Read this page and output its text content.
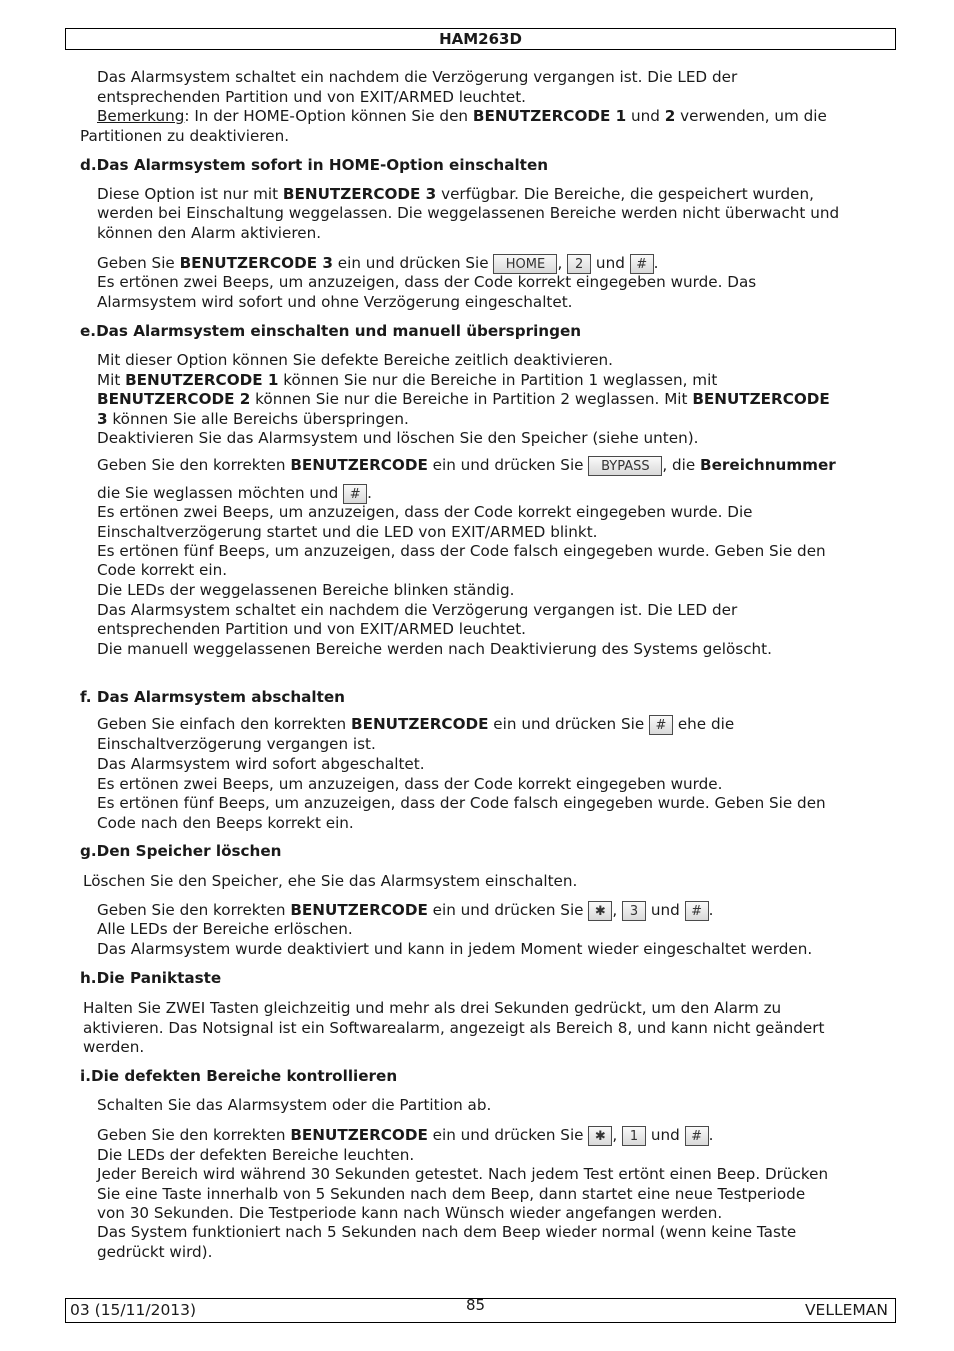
HAM263D
Das Alarmsystem schaltet ein nachdem die Verzögerung vergangen ist. Die LED der
entsprechenden Partition und von EXIT/ARMED leuchtet.
Bemerkung: In der HOME-Option können Sie den BENUTZERCODE 1 und 2 verwenden, um die
Partitionen zu deaktivieren.
d.Das Alarmsystem sofort in HOME-Option einschalten
Diese Option ist nur mit BENUTZERCODE 3 verfügbar. Die Bereiche, die gespeichert wurden,
werden bei Einschaltung weggelassen. Die weggelassenen Bereiche werden nicht überwacht und
können den Alarm aktivieren.
Geben Sie BENUTZERCODE 3 ein und drücken Sie HOME , 2 und # .
Es ertönen zwei Beeps, um anzuzeigen, dass der Code korrekt eingegeben wurde. Das
Alarmsystem wird sofort und ohne Verzögerung eingeschaltet.
e.Das Alarmsystem einschalten und manuell überspringen
Mit dieser Option können Sie defekte Bereiche zeitlich deaktivieren.
Mit BENUTZERCODE 1 können Sie nur die Bereiche in Partition 1 weglassen, mit
BENUTZERCODE 2 können Sie nur die Bereiche in Partition 2 weglassen. Mit BENUTZERCODE
3 können Sie alle Bereichs überspringen.
Deaktivieren Sie das Alarmsystem und löschen Sie den Speicher (siehe unten).
Geben Sie den korrekten BENUTZERCODE ein und drücken Sie BYPASS , die Bereichnummer
die Sie weglassen möchten und # .
Es ertönen zwei Beeps, um anzuzeigen, dass der Code korrekt eingegeben wurde. Die
Einschaltverzögerung startet und die LED von EXIT/ARMED blinkt.
Es ertönen fünf Beeps, um anzuzeigen, dass der Code falsch eingegeben wurde. Geben Sie den
Code korrekt ein.
Die LEDs der weggelassenen Bereiche blinken ständig.
Das Alarmsystem schaltet ein nachdem die Verzögerung vergangen ist. Die LED der
entsprechenden Partition und von EXIT/ARMED leuchtet.
Die manuell weggelassenen Bereiche werden nach Deaktivierung des Systems gelöscht.
f. Das Alarmsystem abschalten
Geben Sie einfach den korrekten BENUTZERCODE ein und drücken Sie # ehe die
Einschaltverzögerung vergangen ist.
Das Alarmsystem wird sofort abgeschaltet.
Es ertönen zwei Beeps, um anzuzeigen, dass der Code korrekt eingegeben wurde.
Es ertönen fünf Beeps, um anzuzeigen, dass der Code falsch eingegeben wurde. Geben Sie den
Code nach den Beeps korrekt ein.
g.Den Speicher löschen
Löschen Sie den Speicher, ehe Sie das Alarmsystem einschalten.
Geben Sie den korrekten BENUTZERCODE ein und drücken Sie ✱ , 3 und # .
Alle LEDs der Bereiche erlöschen.
Das Alarmsystem wurde deaktiviert und kann in jedem Moment wieder eingeschaltet werden.
h.Die Paniktaste
Halten Sie ZWEI Tasten gleichzeitig und mehr als drei Sekunden gedrückt, um den Alarm zu
aktivieren. Das Notsignal ist ein Softwarealarm, angezeigt als Bereich 8, und kann nicht geändert
werden.
i.Die defekten Bereiche kontrollieren
Schalten Sie das Alarmsystem oder die Partition ab.
Geben Sie den korrekten BENUTZERCODE ein und drücken Sie ✱ , 1 und # .
Die LEDs der defekten Bereiche leuchten.
Jeder Bereich wird während 30 Sekunden getestet. Nach jedem Test ertönt einen Beep. Drücken
Sie eine Taste innerhalb von 5 Sekunden nach dem Beep, dann startet eine neue Testperiode
von 30 Sekunden. Die Testperiode kann nach Wünsch wieder angefangen werden.
Das System funktioniert nach 5 Sekunden nach dem Beep wieder normal (wenn keine Taste
gedrückt wird).
03 (15/11/2013)	85	VELLEMAN
